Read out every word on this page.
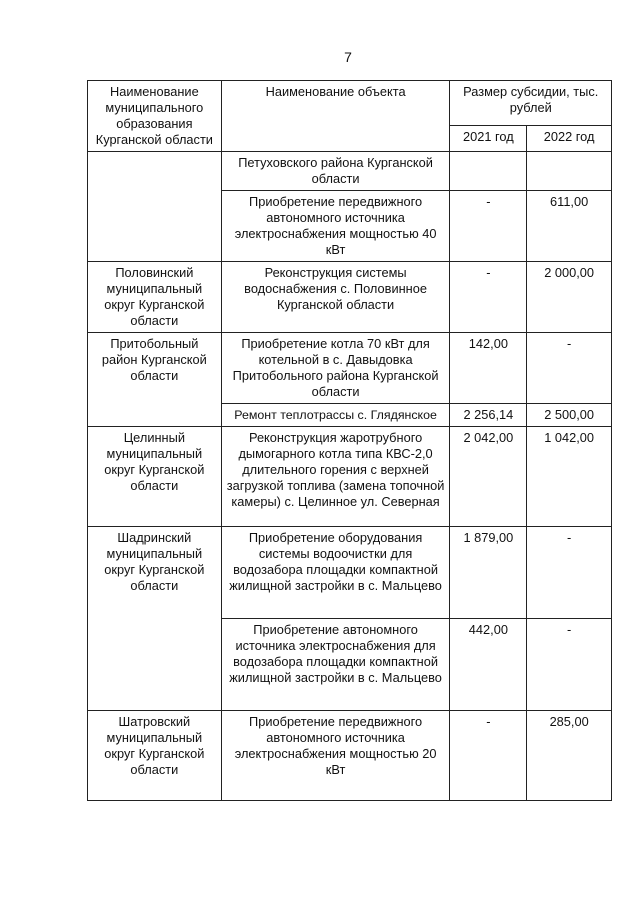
7
Наименование муниципального образования Курганской области	Наименование объекта	Размер субсидии, тыс. рублей	
		2021 год	2022 год
	Петуховского района Курганской области		
	Приобретение передвижного автономного источника электроснабжения мощностью 40 кВт	-	611,00
Половинский муниципальный округ Курганской области	Реконструкция системы водоснабжения с. Половинное Курганской области	-	2 000,00
Притобольный район Курганской области	Приобретение котла 70 кВт для котельной в с. Давыдовка Притобольного района Курганской области	142,00	-
	Ремонт теплотрассы с. Глядянское	2 256,14	2 500,00
Целинный муниципальный округ Курганской области	Реконструкция жаротрубного дымогарного котла типа КВС-2,0 длительного горения с верхней загрузкой топлива (замена топочной камеры) с. Целинное ул. Северная	2 042,00	1 042,00
Шадринский муниципальный округ Курганской области	Приобретение оборудования системы водоочистки для водозабора площадки компактной жилищной застройки в с. Мальцево	1 879,00	-
	Приобретение автономного источника электроснабжения для водозабора площадки компактной жилищной застройки в с. Мальцево	442,00	-
Шатровский муниципальный округ Курганской области	Приобретение передвижного автономного источника электроснабжения мощностью 20 кВт	-	285,00
